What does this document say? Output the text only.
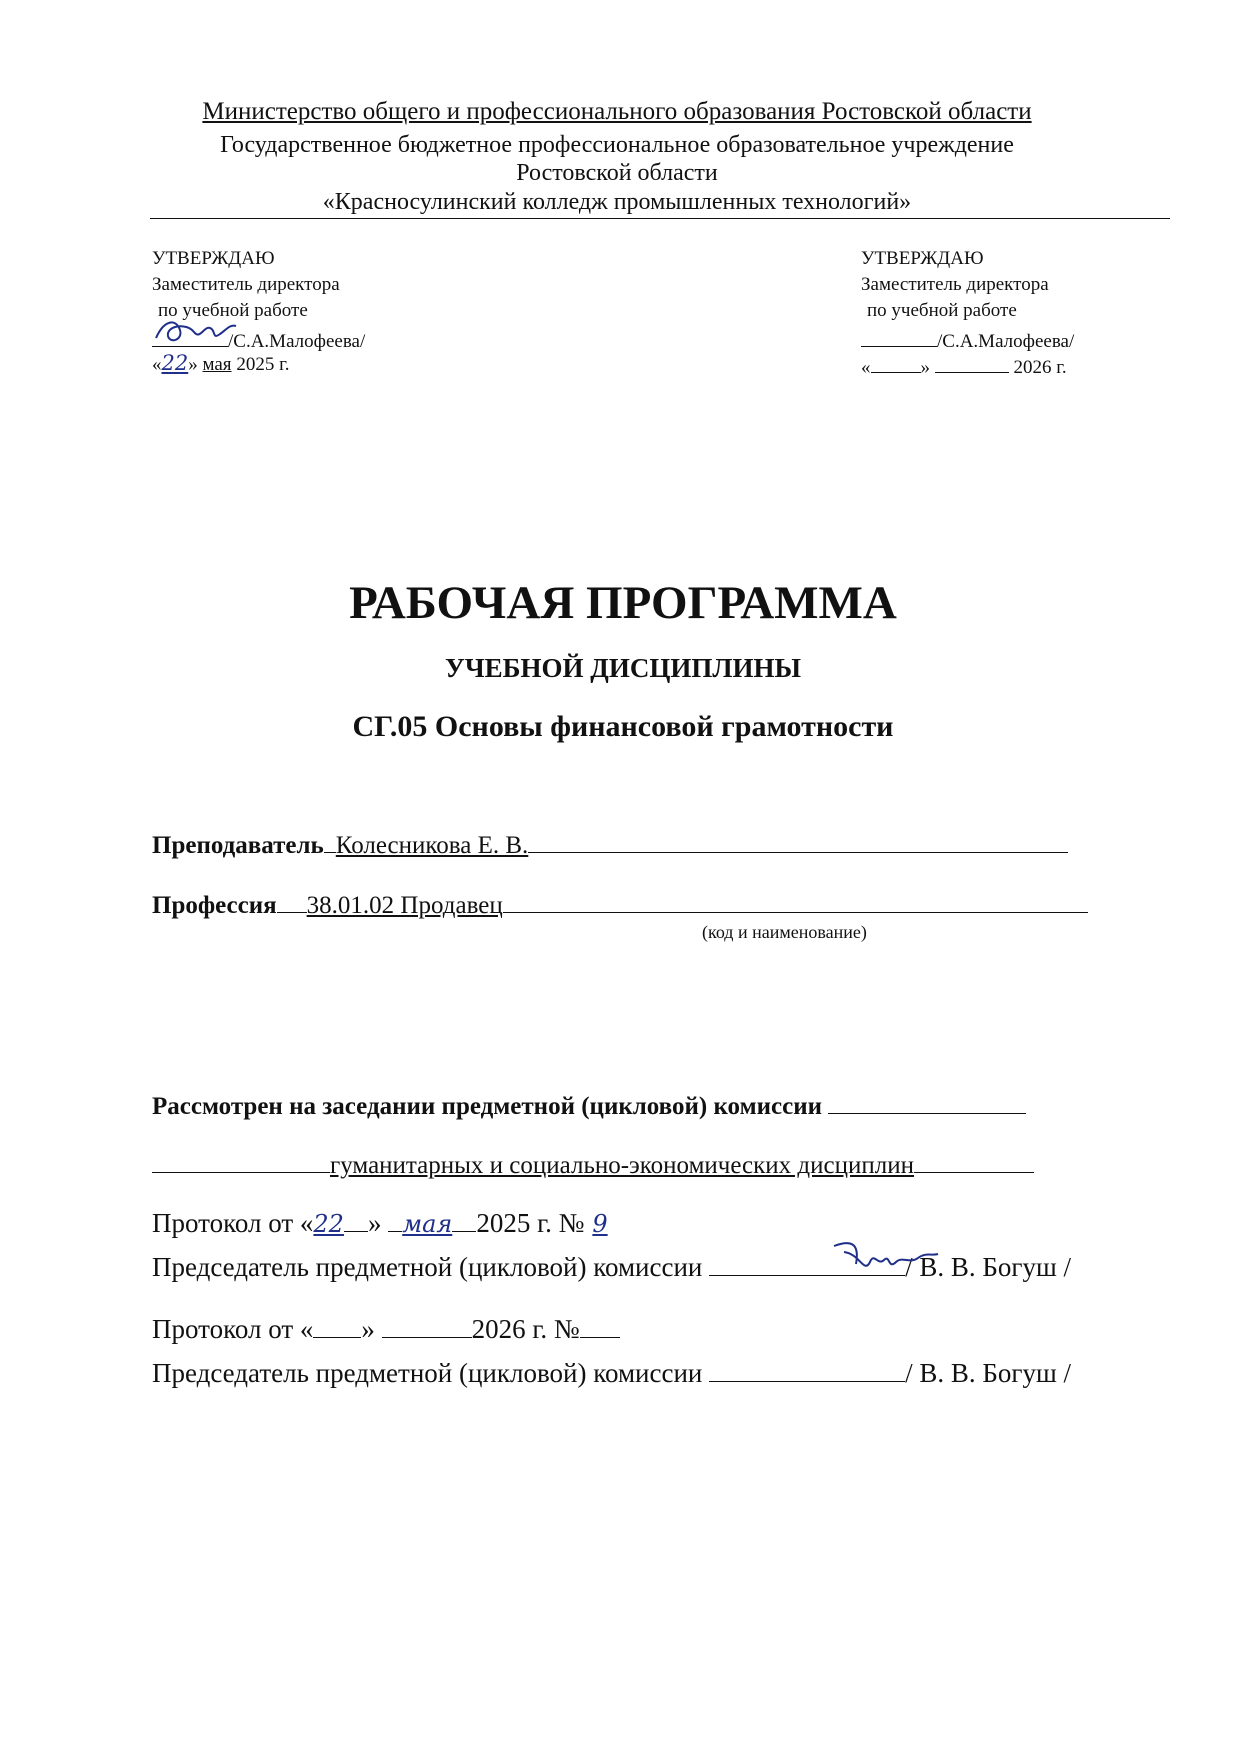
Министерство общего и профессионального образования Ростовской области
Государственное бюджетное профессиональное образовательное учреждение
Ростовской области
«Красносулинский колледж промышленных технологий»
УТВЕРЖДАЮ
Заместитель директора
по учебной работе
/С.А.Малофеева/
«22» мая 2025 г.
УТВЕРЖДАЮ
Заместитель директора
по учебной работе
/С.А.Малофеева/
«	»	2026 г.
РАБОЧАЯ ПРОГРАММА
УЧЕБНОЙ ДИСЦИПЛИНЫ
СГ.05 Основы финансовой грамотности
Преподаватель Колесникова Е. В.
Профессия 38.01.02 Продавец
(код и наименование)
Рассмотрен на заседании предметной (цикловой) комиссии
гуманитарных и социально-экономических дисциплин
Протокол от «22 » мая 2025 г. № 9
Председатель предметной (цикловой) комиссии	/ В. В. Богуш /
Протокол от « »	2026 г. №
Председатель предметной (цикловой) комиссии	/ В. В. Богуш /
